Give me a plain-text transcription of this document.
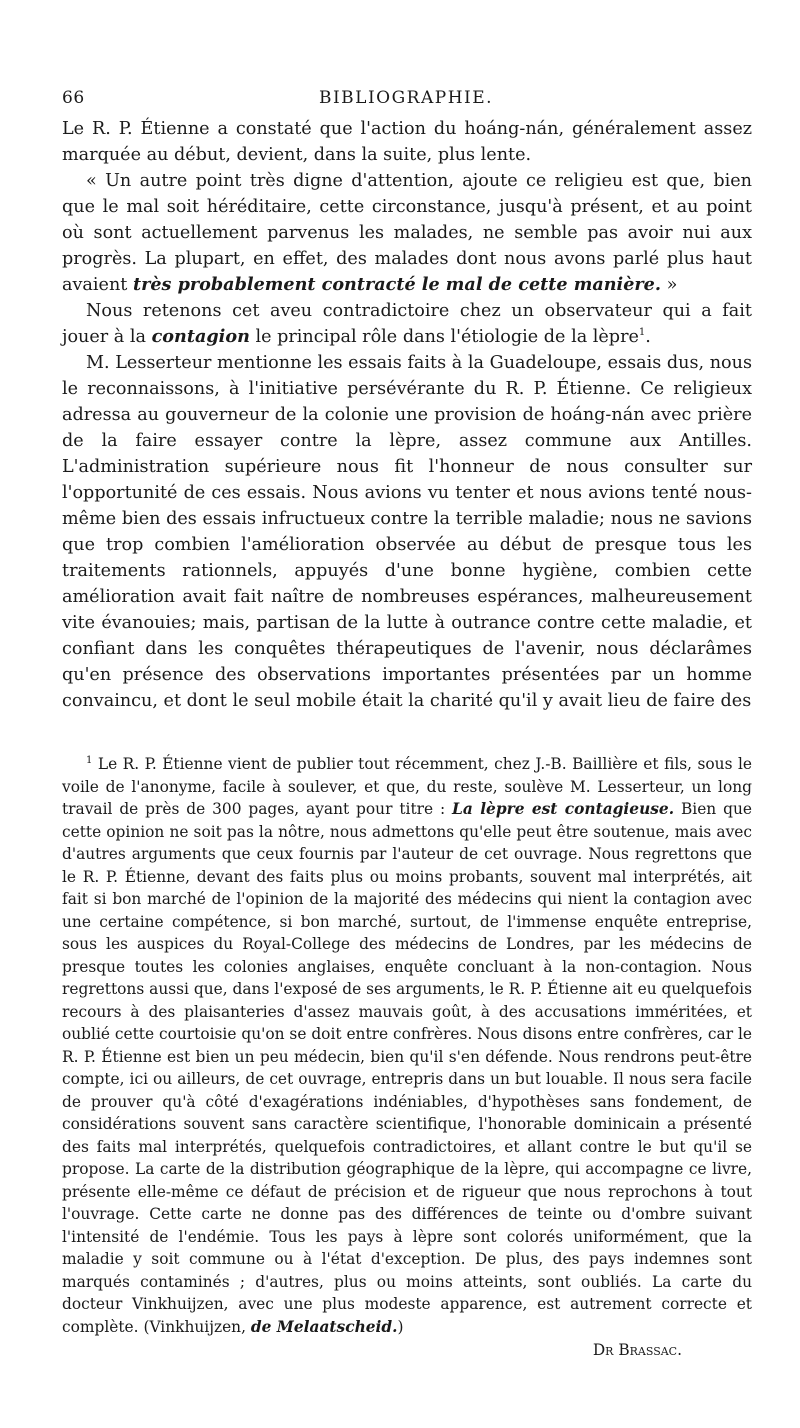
66	BIBLIOGRAPHIE.

Le R. P. Étienne a constaté que l'action du hoáng-nán, généralement assez marquée au début, devient, dans la suite, plus lente.

« Un autre point très digne d'attention, ajoute ce religieu est que, bien que le mal soit héréditaire, cette circonstance, jusqu'à présent, et au point où sont actuellement parvenus les malades, ne semble pas avoir nui aux progrès. La plupart, en effet, des malades dont nous avons parlé plus haut avaient très probablement contracté le mal de cette manière. »

Nous retenons cet aveu contradictoire chez un observateur qui a fait jouer à la contagion le principal rôle dans l'étiologie de la lèpre$^1$.

M. Lesserteur mentionne les essais faits à la Guadeloupe, essais dus, nous le reconnaissons, à l'initiative persévérante du R. P. Étienne. Ce religieux adressa au gouverneur de la colonie une provision de hoáng-nán avec prière de la faire essayer contre la lèpre, assez commune aux Antilles. L'administration supérieure nous fit l'honneur de nous consulter sur l'opportunité de ces essais. Nous avions vu tenter et nous avions tenté nous-même bien des essais infructueux contre la terrible maladie; nous ne savions que trop combien l'amélioration observée au début de presque tous les traitements rationnels, appuyés d'une bonne hygiène, combien cette amélioration avait fait naître de nombreuses espérances, malheureusement vite évanouies; mais, partisan de la lutte à outrance contre cette maladie, et confiant dans les conquêtes thérapeutiques de l'avenir, nous déclarâmes qu'en présence des observations importantes présentées par un homme convaincu, et dont le seul mobile était la charité qu'il y avait lieu de faire des

$^1$ Le R. P. Étienne vient de publier tout récemment, chez J.-B. Baillière et fils, sous le voile de l'anonyme, facile à soulever, et que, du reste, soulève M. Lesserteur, un long travail de près de 300 pages, ayant pour titre : La lèpre est contagieuse. Bien que cette opinion ne soit pas la nôtre, nous admettons qu'elle peut être soutenue, mais avec d'autres arguments que ceux fournis par l'auteur de cet ouvrage. Nous regrettons que le R. P. Étienne, devant des faits plus ou moins probants, souvent mal interprétés, ait fait si bon marché de l'opinion de la majorité des médecins qui nient la contagion avec une certaine compétence, si bon marché, surtout, de l'immense enquête entreprise, sous les auspices du Royal-College des médecins de Londres, par les médecins de presque toutes les colonies anglaises, enquête concluant à la non-contagion. Nous regrettons aussi que, dans l'exposé de ses arguments, le R. P. Étienne ait eu quelquefois recours à des plaisanteries d'assez mauvais goût, à des accusations imméritées, et oublié cette courtoisie qu'on se doit entre confrères. Nous disons entre confrères, car le R. P. Étienne est bien un peu médecin, bien qu'il s'en défende. Nous rendrons peut-être compte, ici ou ailleurs, de cet ouvrage, entrepris dans un but louable. Il nous sera facile de prouver qu'à côté d'exagérations indéniables, d'hypothèses sans fondement, de considérations souvent sans caractère scientifique, l'honorable dominicain a présenté des faits mal interprétés, quelquefois contradictoires, et allant contre le but qu'il se propose. La carte de la distribution géographique de la lèpre, qui accompagne ce livre, présente elle-même ce défaut de précision et de rigueur que nous reprochons à tout l'ouvrage. Cette carte ne donne pas des différences de teinte ou d'ombre suivant l'intensité de l'endémie. Tous les pays à lèpre sont colorés uniformément, que la maladie y soit commune ou à l'état d'exception. De plus, des pays indemnes sont marqués contaminés ; d'autres, plus ou moins atteints, sont oubliés. La carte du docteur Vinkhuijzen, avec une plus modeste apparence, est autrement correcte et complète. (Vinkhuijzen, de Melaatscheid.)

Dr Brassac.
